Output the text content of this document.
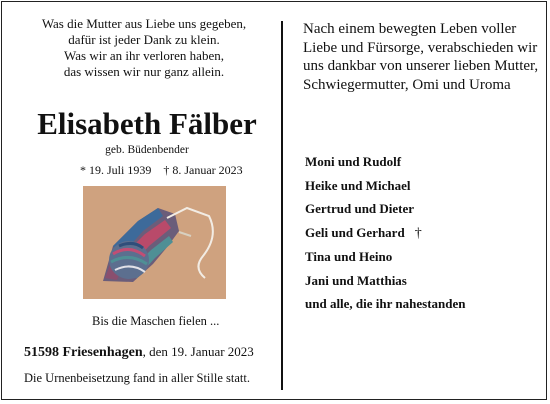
Was die Mutter aus Liebe uns gegeben,
dafür ist jeder Dank zu klein.
Was wir an ihr verloren haben,
das wissen wir nur ganz allein.
Elisabeth Fälber
geb. Büdenbender
* 19. Juli 1939 † 8. Januar 2023
Bis die Maschen fielen ...
51598 Friesenhagen, den 19. Januar 2023
Die Urnenbeisetzung fand in aller Stille statt.
Nach einem bewegten Leben voller Liebe und Fürsorge, verabschieden wir uns dankbar von unserer lieben Mutter, Schwiegermutter, Omi und Uroma
Moni und Rudolf
Heike und Michael
Gertrud und Dieter
Geli und Gerhard †
Tina und Heino
Jani und Matthias
und alle, die ihr nahestanden
